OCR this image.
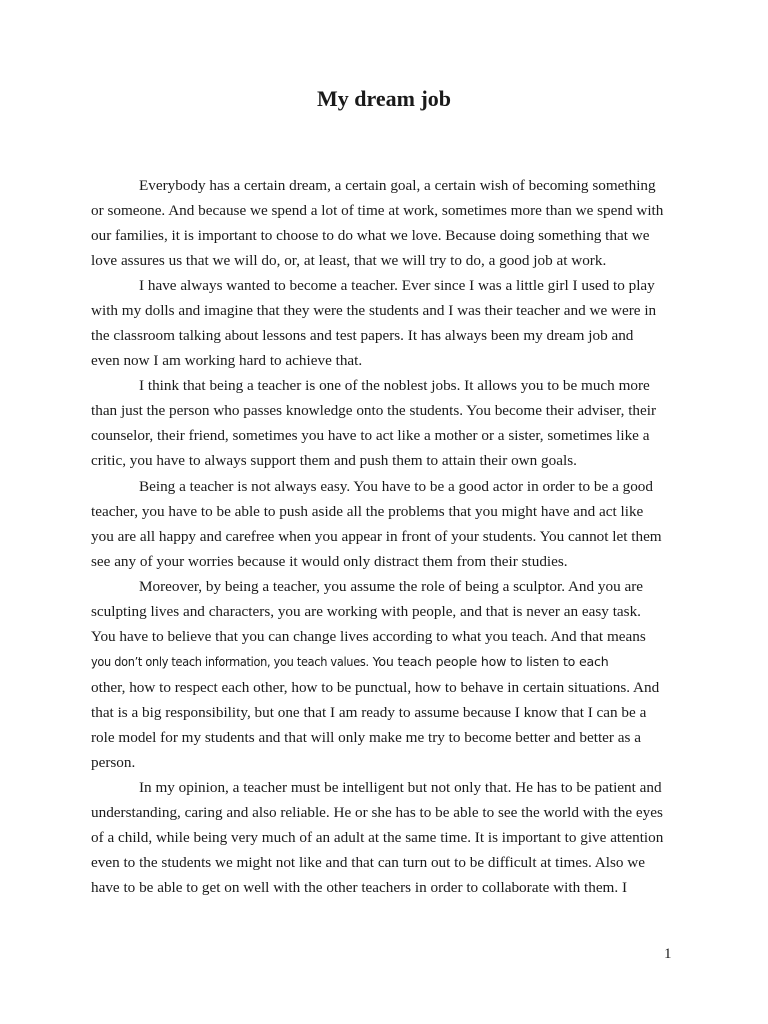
My dream job

Everybody has a certain dream, a certain goal, a certain wish of becoming something

or someone. And because we spend a lot of time at work, sometimes more than we spend with

our families, it is important to choose to do what we love. Because doing something that we

love assures us that we will do, or, at least, that we will try to do, a good job at work.

I have always wanted to become a teacher. Ever since I was a little girl I used to play

with my dolls and imagine that they were the students and I was their teacher and we were in

the classroom talking about lessons and test papers. It has always been my dream job and

even now I am working hard to achieve that.

I think that being a teacher is one of the noblest jobs. It allows you to be much more

than just the person who passes knowledge onto the students. You become their adviser, their

counselor, their friend, sometimes you have to act like a mother or a sister, sometimes like a

critic, you have to always support them and push them to attain their own goals.

Being a teacher is not always easy. You have to be a good actor in order to be a good

teacher, you have to be able to push aside all the problems that you might have and act like

you are all happy and carefree when you appear in front of your students. You cannot let them

see any of your worries because it would only distract them from their studies.

Moreover, by being a teacher, you assume the role of being a sculptor. And you are

sculpting lives and characters, you are working with people, and that is never an easy task.

You have to believe that you can change lives according to what you teach. And that means

you don’t only teach information, you teach values. You teach people how to listen to each

other, how to respect each other, how to be punctual, how to behave in certain situations. And

that is a big responsibility, but one that I am ready to assume because I know that I can be a

role model for my students and that will only make me try to become better and better as a

person.

In my opinion, a teacher must be intelligent but not only that. He has to be patient and

understanding, caring and also reliable. He or she has to be able to see the world with the eyes

of a child, while being very much of an adult at the same time. It is important to give attention

even to the students we might not like and that can turn out to be difficult at times. Also we

have to be able to get on well with the other teachers in order to collaborate with them. I

1
